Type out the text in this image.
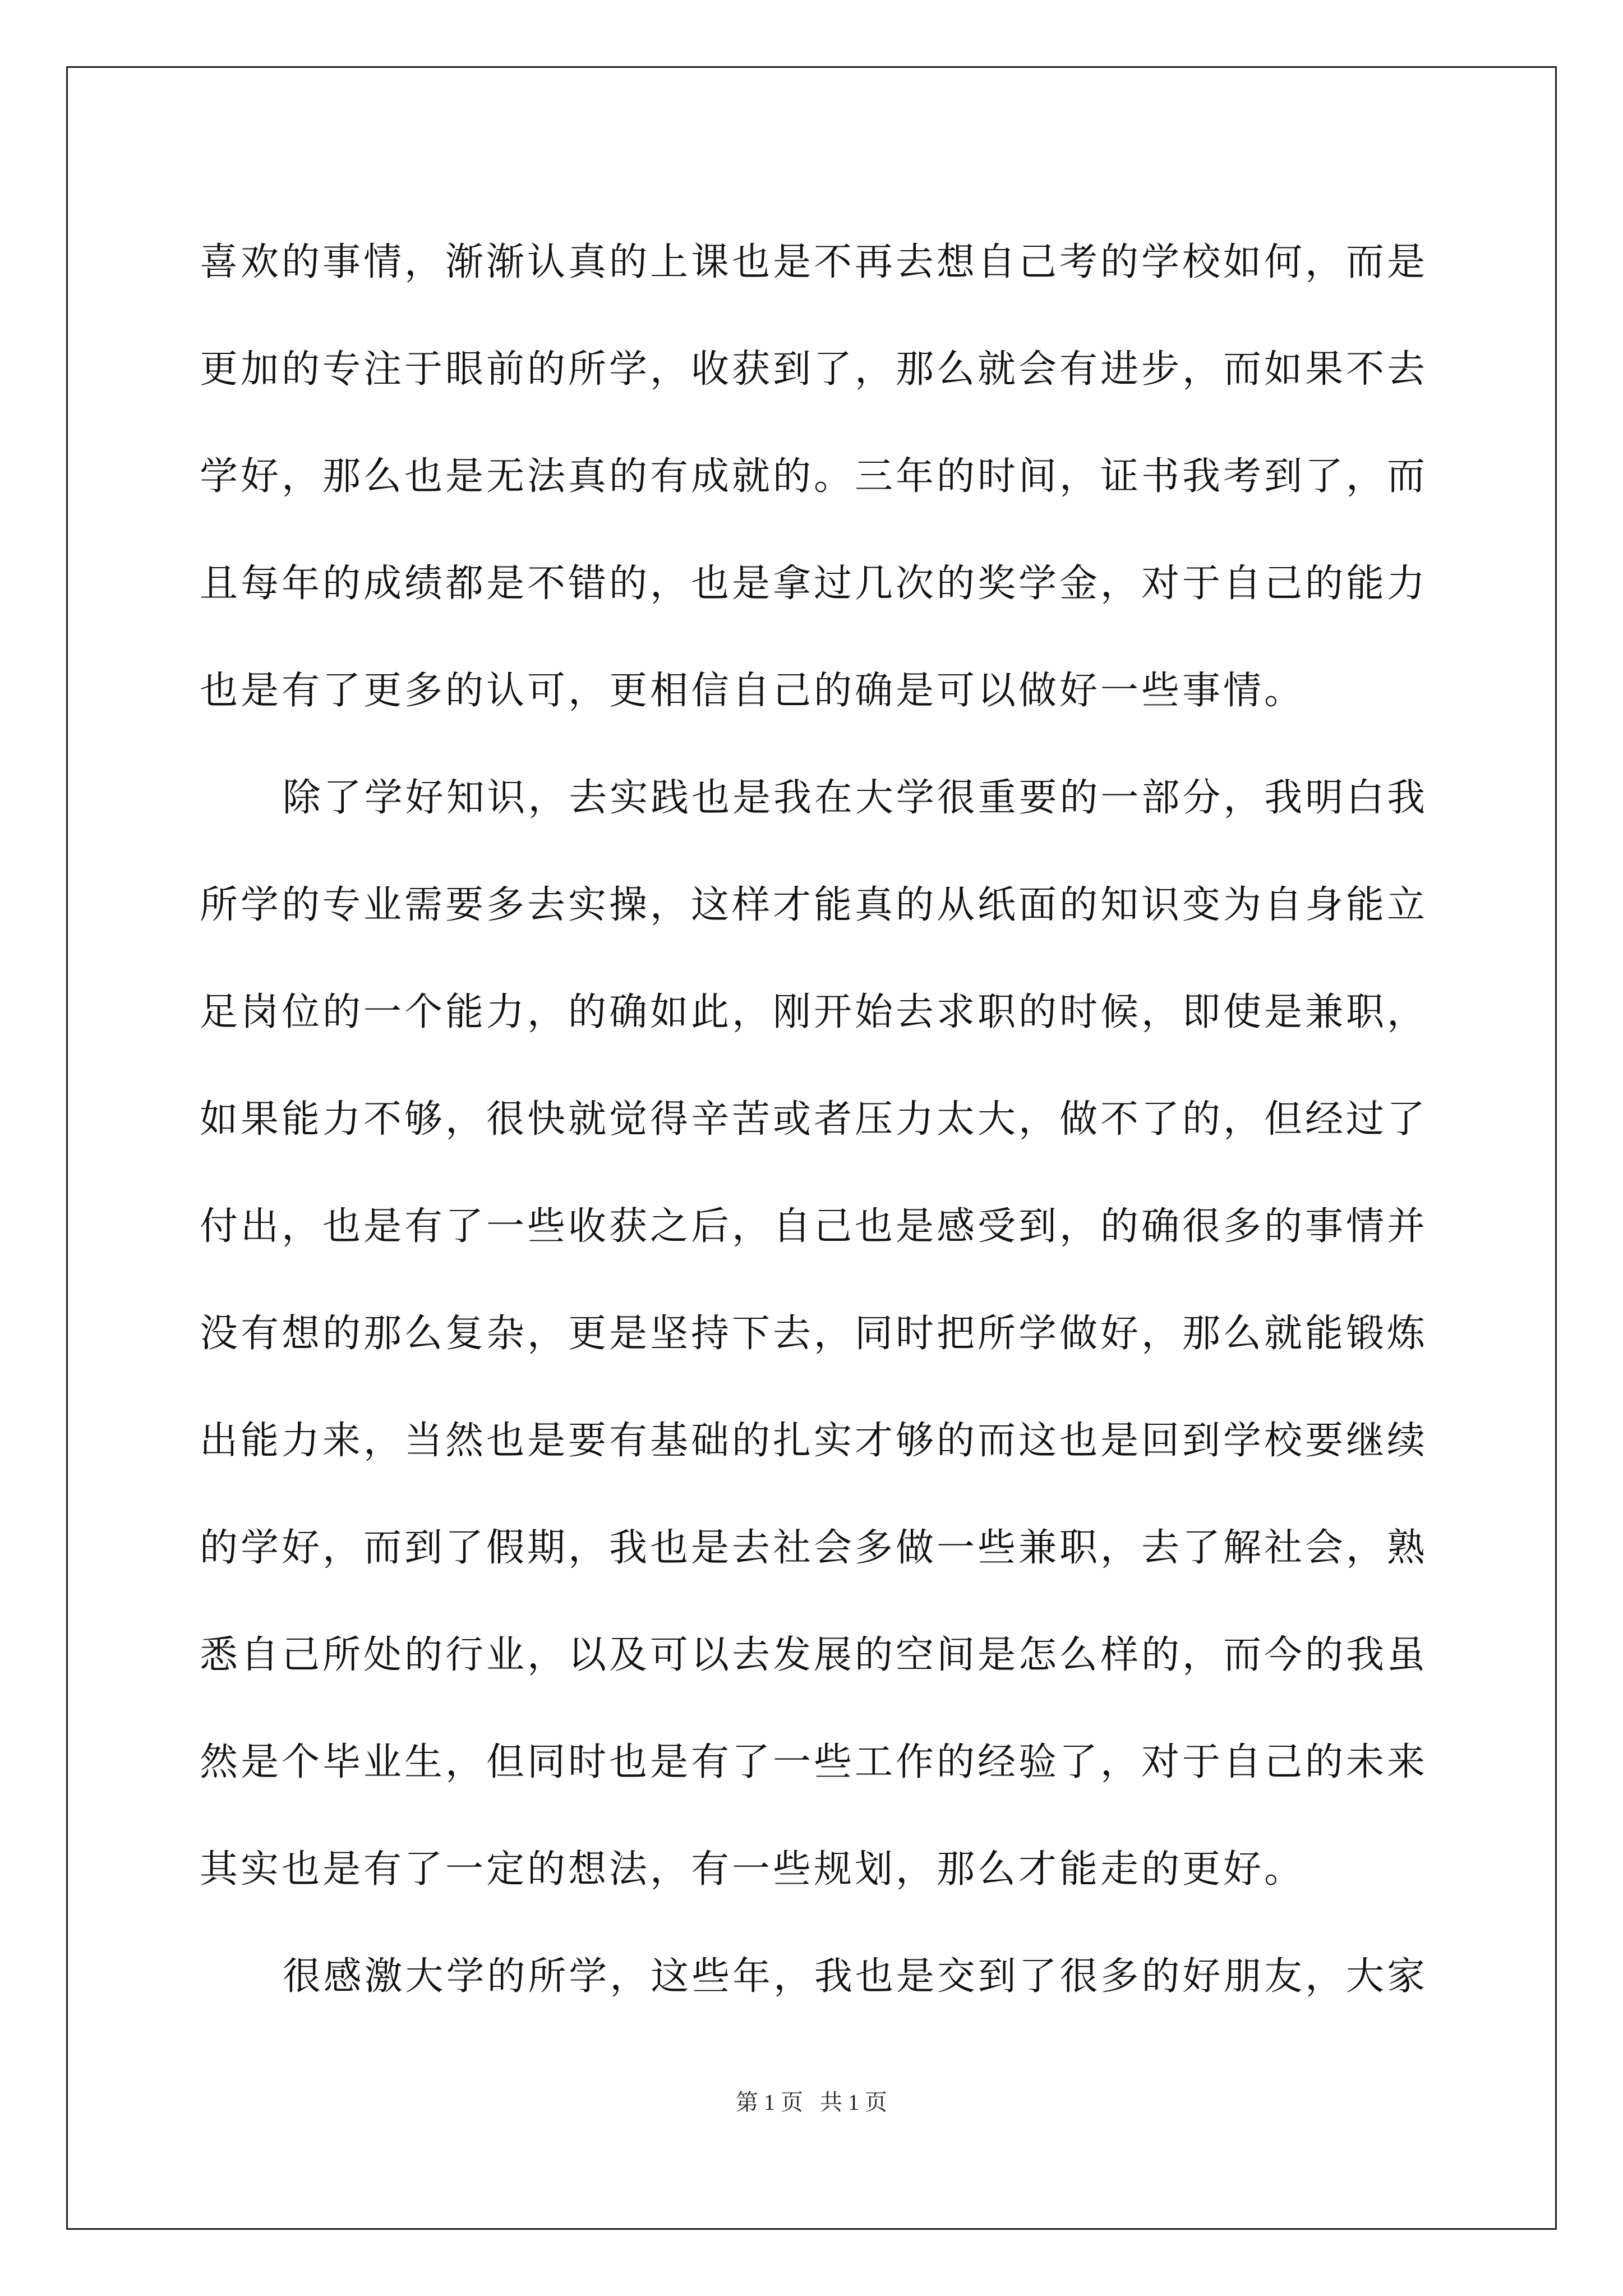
喜欢的事情，渐渐认真的上课也是不再去想自己考的学校如何，而是
更加的专注于眼前的所学，收获到了，那么就会有进步，而如果不去
学好，那么也是无法真的有成就的。三年的时间，证书我考到了，而
且每年的成绩都是不错的，也是拿过几次的奖学金，对于自己的能力
也是有了更多的认可，更相信自己的确是可以做好一些事情。
除了学好知识，去实践也是我在大学很重要的一部分，我明白我
所学的专业需要多去实操，这样才能真的从纸面的知识变为自身能立
足岗位的一个能力，的确如此，刚开始去求职的时候，即使是兼职，
如果能力不够，很快就觉得辛苦或者压力太大，做不了的，但经过了
付出，也是有了一些收获之后，自己也是感受到，的确很多的事情并
没有想的那么复杂，更是坚持下去，同时把所学做好，那么就能锻炼
出能力来，当然也是要有基础的扎实才够的而这也是回到学校要继续
的学好，而到了假期，我也是去社会多做一些兼职，去了解社会，熟
悉自己所处的行业，以及可以去发展的空间是怎么样的，而今的我虽
然是个毕业生，但同时也是有了一些工作的经验了，对于自己的未来
其实也是有了一定的想法，有一些规划，那么才能走的更好。
很感激大学的所学，这些年，我也是交到了很多的好朋友，大家
第 1 页   共 1 页
